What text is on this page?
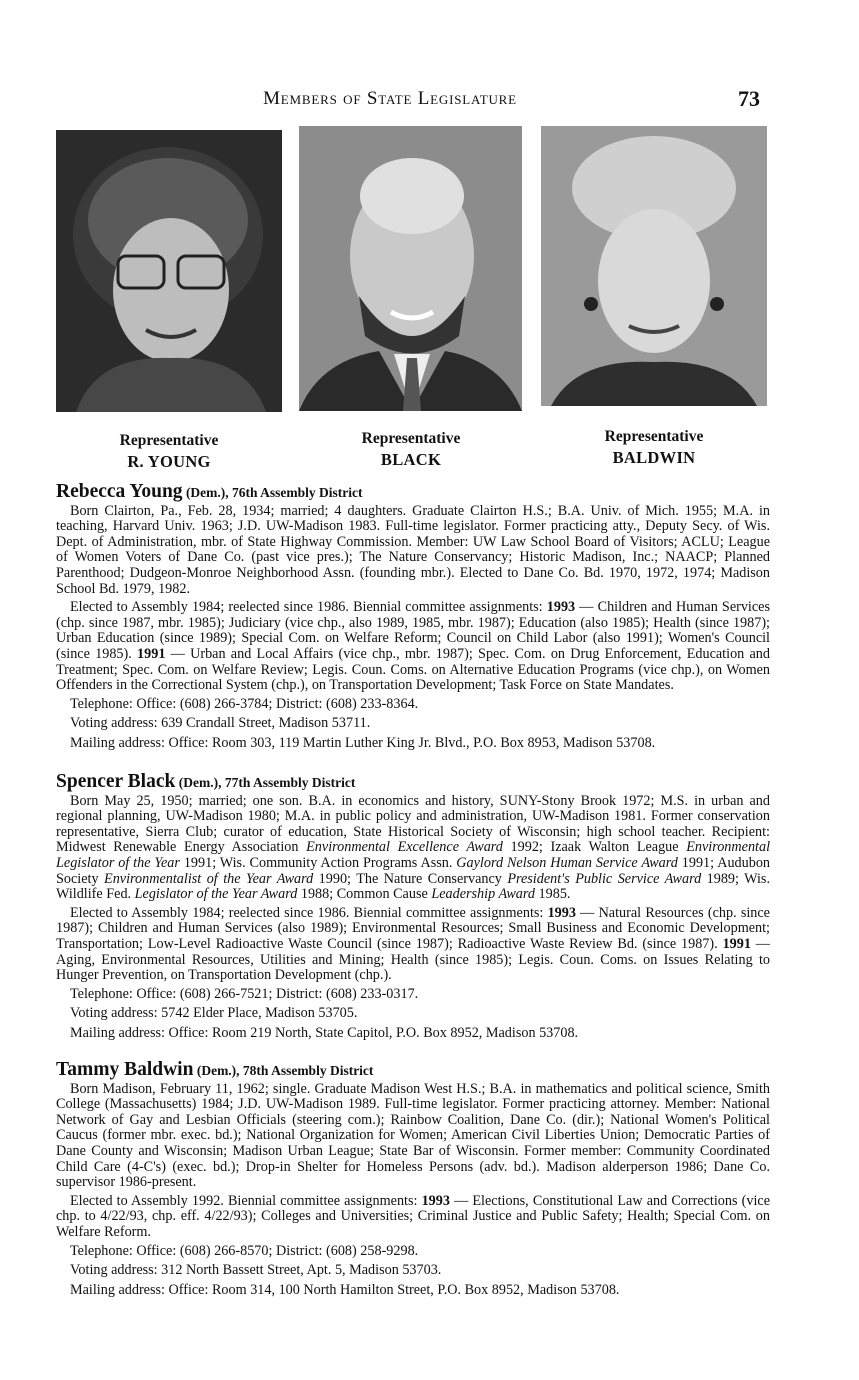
Members of State Legislature	73
Representative
R. YOUNG
Representative
BLACK
Representative
BALDWIN

Rebecca Young (Dem.), 76th Assembly District

Born Clairton, Pa., Feb. 28, 1934; married; 4 daughters. Graduate Clairton H.S.; B.A. Univ. of Mich. 1955; M.A. in teaching, Harvard Univ. 1963; J.D. UW-Madison 1983. Full-time legislator. Former practicing atty., Deputy Secy. of Wis. Dept. of Administration, mbr. of State Highway Commission. Member: UW Law School Board of Visitors; ACLU; League of Women Voters of Dane Co. (past vice pres.); The Nature Conservancy; Historic Madison, Inc.; NAACP; Planned Parenthood; Dudgeon-Monroe Neighborhood Assn. (founding mbr.). Elected to Dane Co. Bd. 1970, 1972, 1974; Madison School Bd. 1979, 1982.

Elected to Assembly 1984; reelected since 1986. Biennial committee assignments: 1993 — Children and Human Services (chp. since 1987, mbr. 1985); Judiciary (vice chp., also 1989, 1985, mbr. 1987); Education (also 1985); Health (since 1987); Urban Education (since 1989); Special Com. on Welfare Reform; Council on Child Labor (also 1991); Women's Council (since 1985). 1991 — Urban and Local Affairs (vice chp., mbr. 1987); Spec. Com. on Drug Enforcement, Education and Treatment; Spec. Com. on Welfare Review; Legis. Coun. Coms. on Alternative Education Programs (vice chp.), on Women Offenders in the Correctional System (chp.), on Transportation Development; Task Force on State Mandates.

Telephone: Office: (608) 266-3784; District: (608) 233-8364.

Voting address: 639 Crandall Street, Madison 53711.

Mailing address: Office: Room 303, 119 Martin Luther King Jr. Blvd., P.O. Box 8953, Madison 53708.

Spencer Black (Dem.), 77th Assembly District

Born May 25, 1950; married; one son. B.A. in economics and history, SUNY-Stony Brook 1972; M.S. in urban and regional planning, UW-Madison 1980; M.A. in public policy and administration, UW-Madison 1981. Former conservation representative, Sierra Club; curator of education, State Historical Society of Wisconsin; high school teacher. Recipient: Midwest Renewable Energy Association Environmental Excellence Award 1992; Izaak Walton League Environmental Legislator of the Year 1991; Wis. Community Action Programs Assn. Gaylord Nelson Human Service Award 1991; Audubon Society Environmentalist of the Year Award 1990; The Nature Conservancy President's Public Service Award 1989; Wis. Wildlife Fed. Legislator of the Year Award 1988; Common Cause Leadership Award 1985.

Elected to Assembly 1984; reelected since 1986. Biennial committee assignments: 1993 — Natural Resources (chp. since 1987); Children and Human Services (also 1989); Environmental Resources; Small Business and Economic Development; Transportation; Low-Level Radioactive Waste Council (since 1987); Radioactive Waste Review Bd. (since 1987). 1991 — Aging, Environmental Resources, Utilities and Mining; Health (since 1985); Legis. Coun. Coms. on Issues Relating to Hunger Prevention, on Transportation Development (chp.).

Telephone: Office: (608) 266-7521; District: (608) 233-0317.

Voting address: 5742 Elder Place, Madison 53705.

Mailing address: Office: Room 219 North, State Capitol, P.O. Box 8952, Madison 53708.

Tammy Baldwin (Dem.), 78th Assembly District

Born Madison, February 11, 1962; single. Graduate Madison West H.S.; B.A. in mathematics and political science, Smith College (Massachusetts) 1984; J.D. UW-Madison 1989. Full-time legislator. Former practicing attorney. Member: National Network of Gay and Lesbian Officials (steering com.); Rainbow Coalition, Dane Co. (dir.); National Women's Political Caucus (former mbr. exec. bd.); National Organization for Women; American Civil Liberties Union; Democratic Parties of Dane County and Wisconsin; Madison Urban League; State Bar of Wisconsin. Former member: Community Coordinated Child Care (4-C's) (exec. bd.); Drop-in Shelter for Homeless Persons (adv. bd.). Madison alderperson 1986; Dane Co. supervisor 1986-present.

Elected to Assembly 1992. Biennial committee assignments: 1993 — Elections, Constitutional Law and Corrections (vice chp. to 4/22/93, chp. eff. 4/22/93); Colleges and Universities; Criminal Justice and Public Safety; Health; Special Com. on Welfare Reform.

Telephone: Office: (608) 266-8570; District: (608) 258-9298.

Voting address: 312 North Bassett Street, Apt. 5, Madison 53703.

Mailing address: Office: Room 314, 100 North Hamilton Street, P.O. Box 8952, Madison 53708.
